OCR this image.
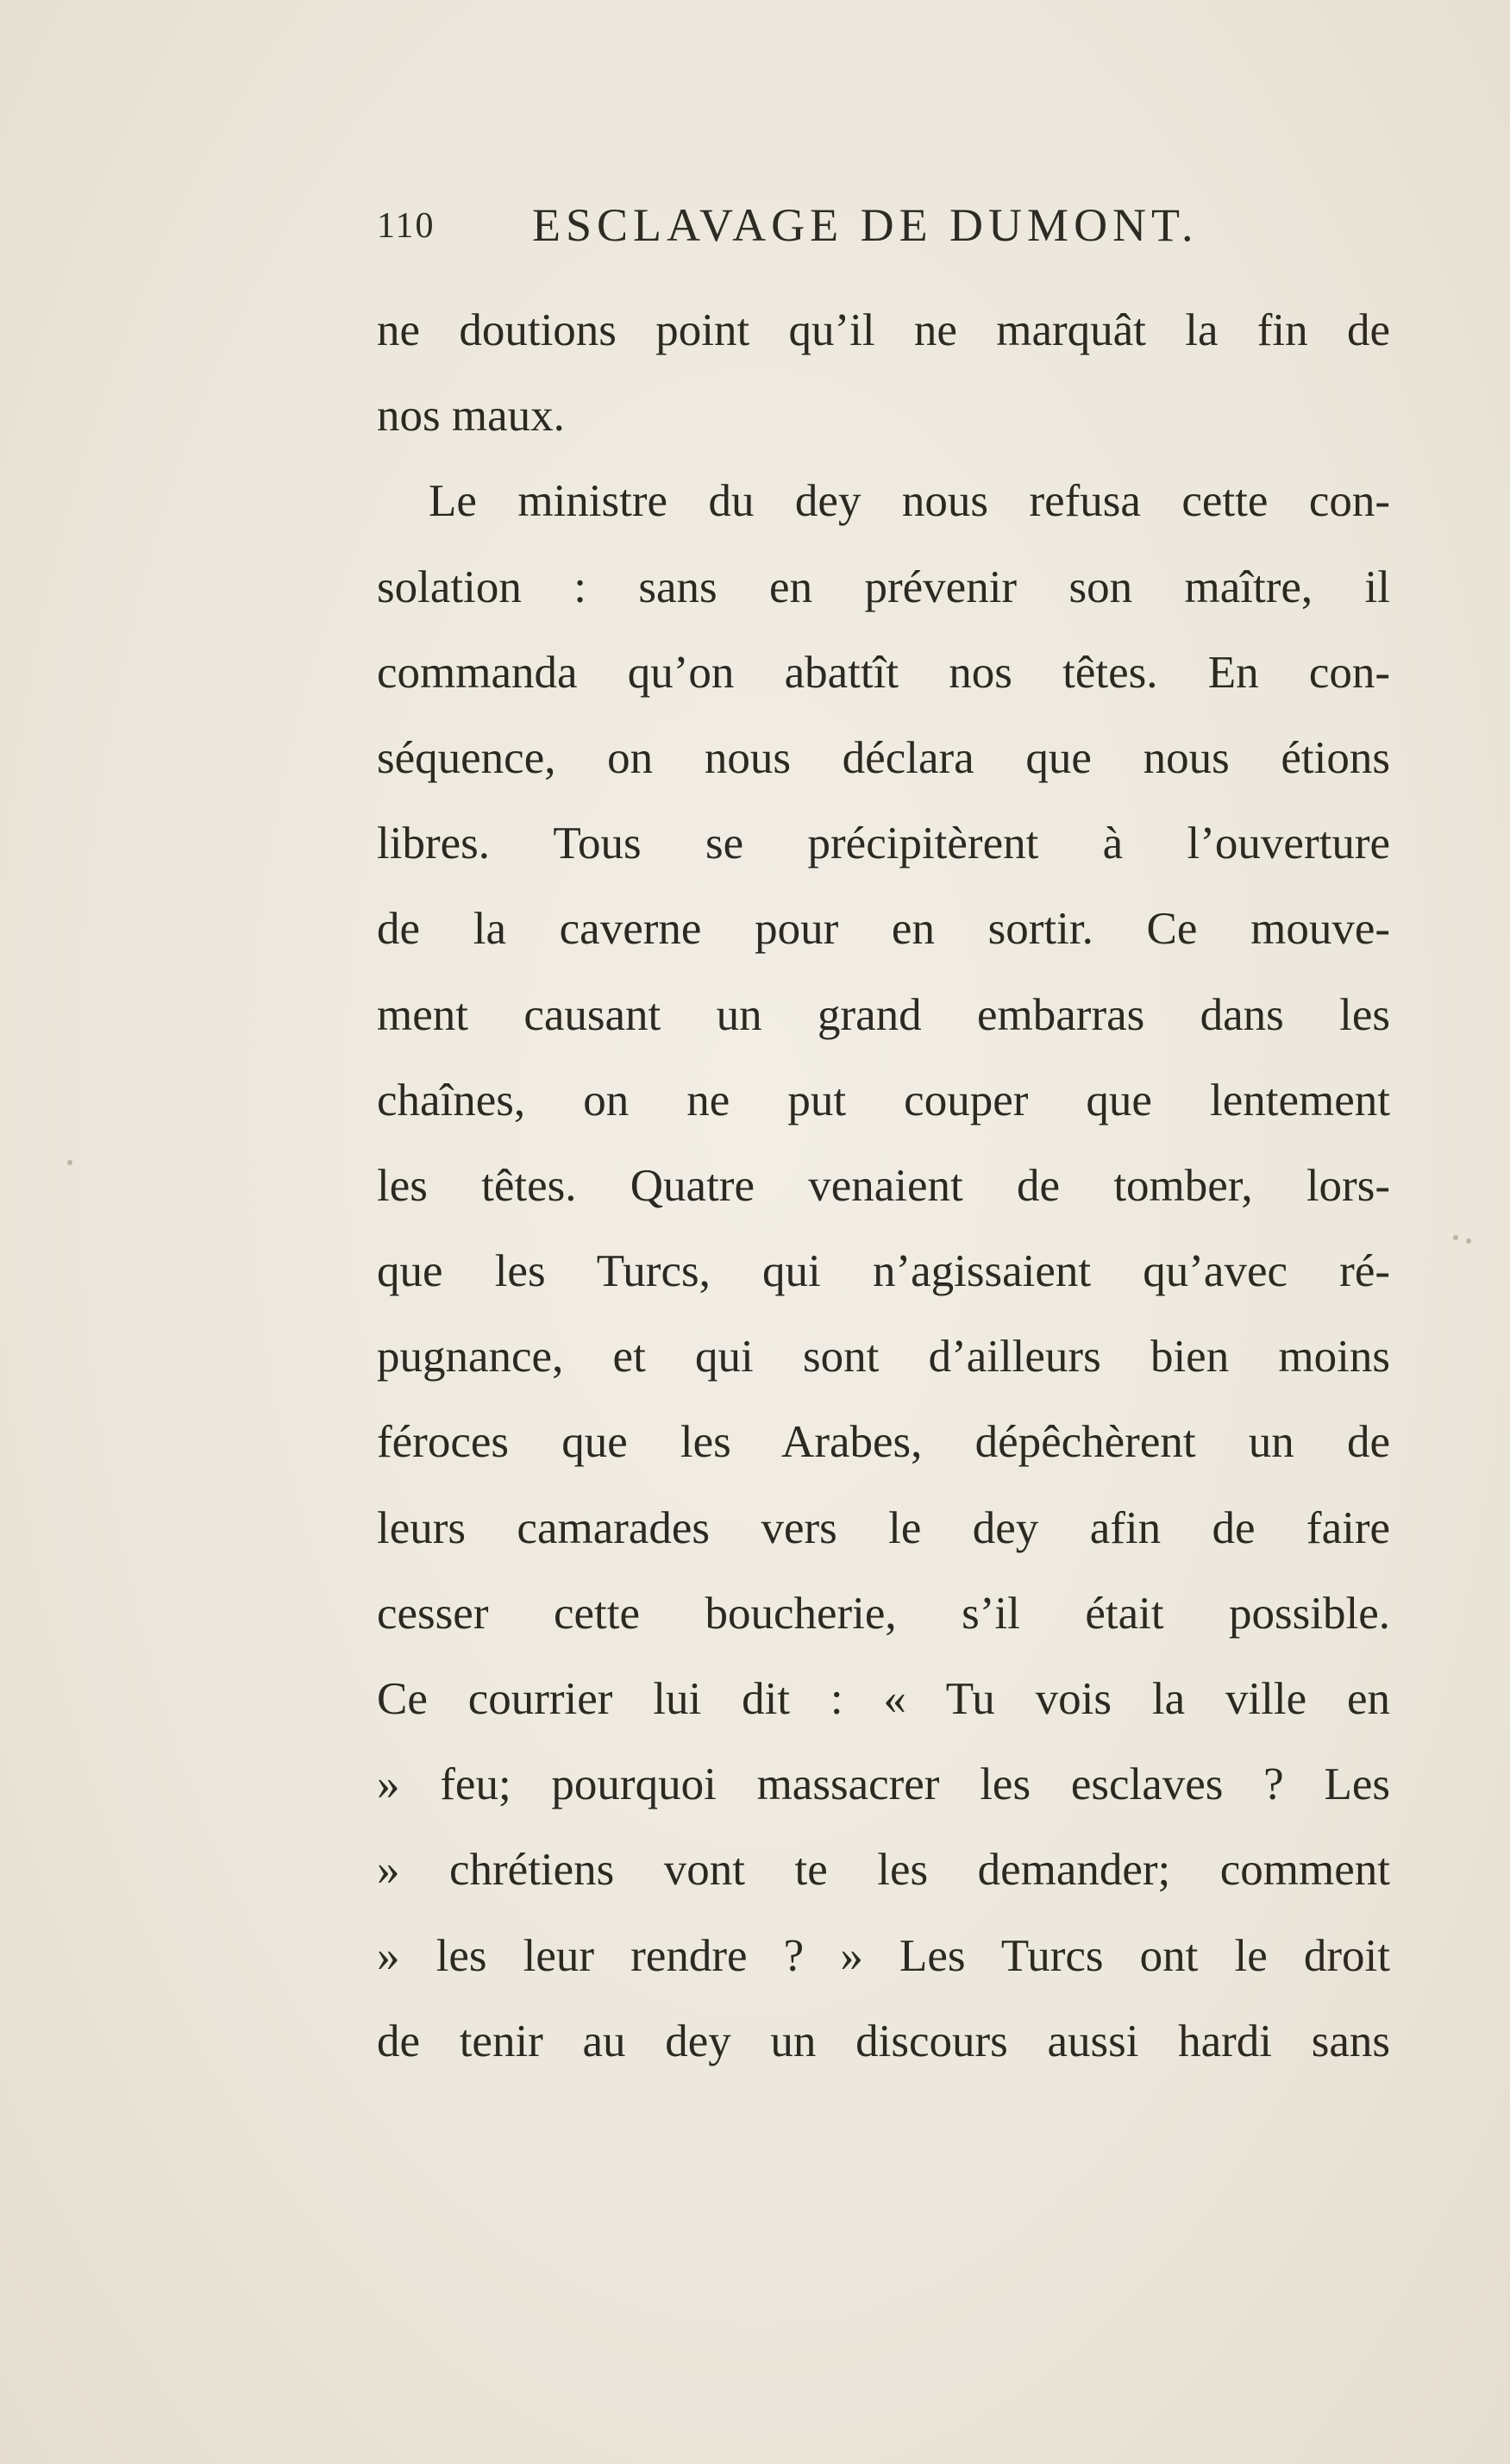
110 ESCLAVAGE DE DUMONT.
ne doutions point qu’il ne marquât la fin de
nos maux.
Le ministre du dey nous refusa cette con-
solation : sans en prévenir son maître, il
commanda qu’on abattît nos têtes. En con-
séquence, on nous déclara que nous étions
libres. Tous se précipitèrent à l’ouverture
de la caverne pour en sortir. Ce mouve-
ment causant un grand embarras dans les
chaînes, on ne put couper que lentement
les têtes. Quatre venaient de tomber, lors-
que les Turcs, qui n’agissaient qu’avec ré-
pugnance, et qui sont d’ailleurs bien moins
féroces que les Arabes, dépêchèrent un de
leurs camarades vers le dey afin de faire
cesser cette boucherie, s’il était possible.
Ce courrier lui dit : « Tu vois la ville en
» feu; pourquoi massacrer les esclaves ? Les
» chrétiens vont te les demander; comment
» les leur rendre ? » Les Turcs ont le droit
de tenir au dey un discours aussi hardi sans
